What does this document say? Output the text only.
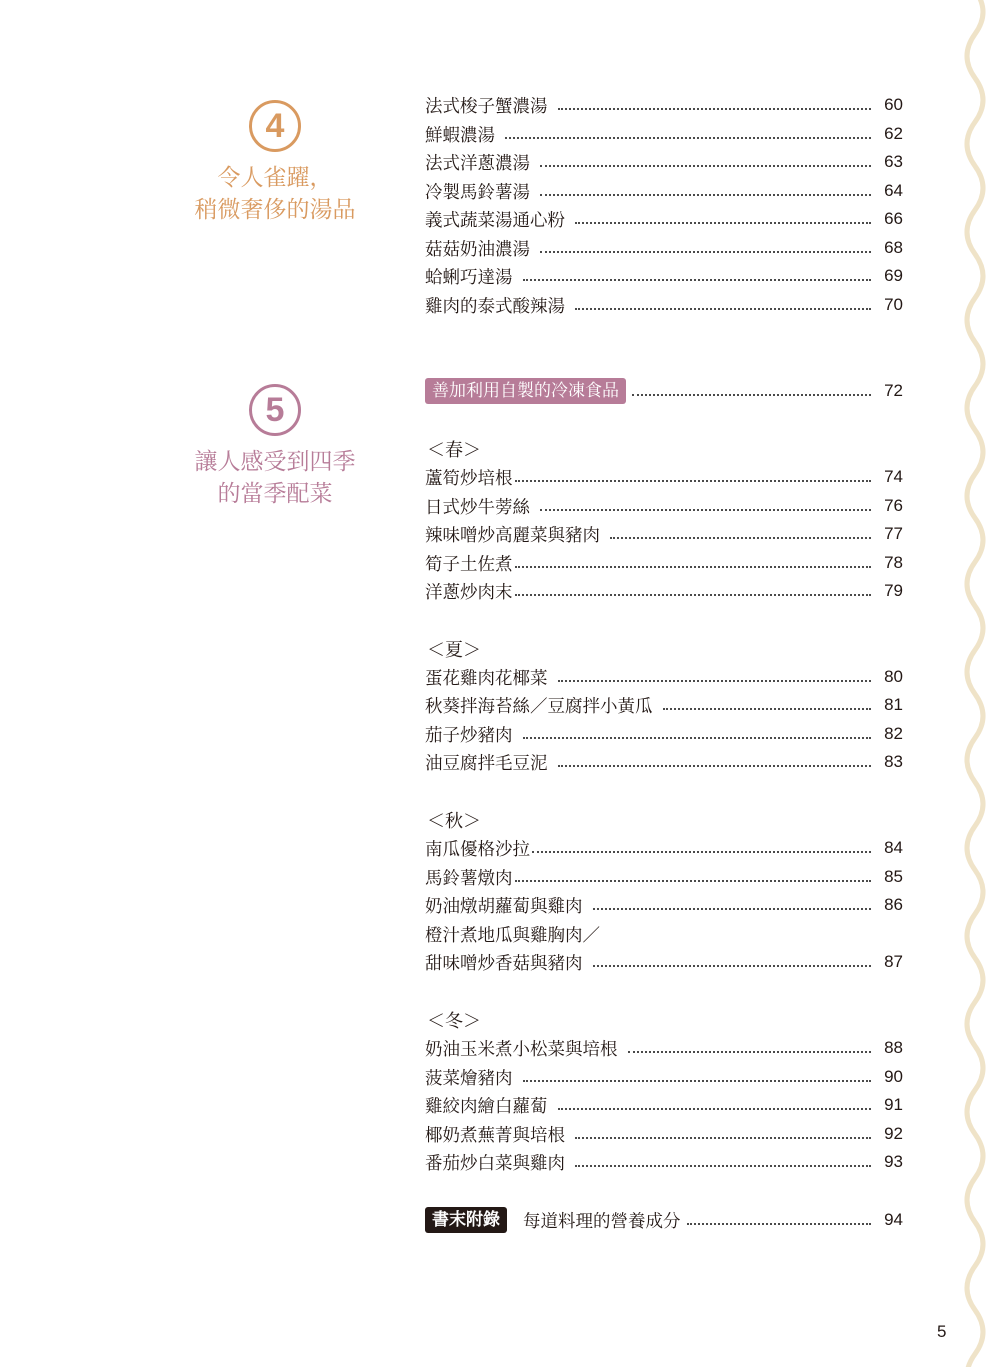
4
令人雀躍，
稍微奢侈的湯品
5
讓人感受到四季
的當季配菜
法式梭子蟹濃湯	60
鮮蝦濃湯	62
法式洋蔥濃湯	63
冷製馬鈴薯湯	64
義式蔬菜湯通心粉	66
菇菇奶油濃湯	68
蛤蜊巧達湯	69
雞肉的泰式酸辣湯	70
善加利用自製的冷凍食品	72
＜春＞
蘆筍炒培根	74
日式炒牛蒡絲	76
辣味噌炒高麗菜與豬肉	77
筍子土佐煮	78
洋蔥炒肉末	79
＜夏＞
蛋花雞肉花椰菜	80
秋葵拌海苔絲／豆腐拌小黃瓜	81
茄子炒豬肉	82
油豆腐拌毛豆泥	83
＜秋＞
南瓜優格沙拉	84
馬鈴薯燉肉	85
奶油燉胡蘿蔔與雞肉	86
橙汁煮地瓜與雞胸肉／
甜味噌炒香菇與豬肉	87
＜冬＞
奶油玉米煮小松菜與培根	88
菠菜燴豬肉	90
雞絞肉繪白蘿蔔	91
椰奶煮蕪菁與培根	92
番茄炒白菜與雞肉	93
書末附錄	每道料理的營養成分	94
5
